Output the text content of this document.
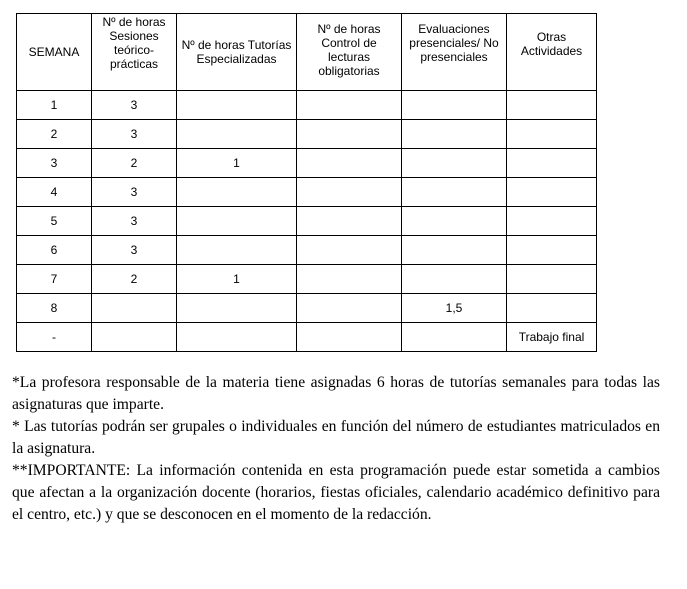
SEMANA	Nº de horas Sesiones teórico-prácticas	Nº de horas Tutorías Especializadas	Nº de horas Control de lecturas obligatorias	Evaluaciones presenciales/ No presenciales	Otras Actividades

1	3				
2	3				
3	2	1			
4	3				
5	3				
6	3				
7	2	1			
8				1,5	
-					Trabajo final

*La profesora responsable de la materia tiene asignadas 6 horas de tutorías semanales para todas las asignaturas que imparte.

* Las tutorías podrán ser grupales o individuales en función del número de estudiantes matriculados en la asignatura.

**IMPORTANTE: La información contenida en esta programación puede estar sometida a cambios que afectan a la organización docente (horarios, fiestas oficiales, calendario académico definitivo para el centro, etc.) y que se desconocen en el momento de la redacción.
